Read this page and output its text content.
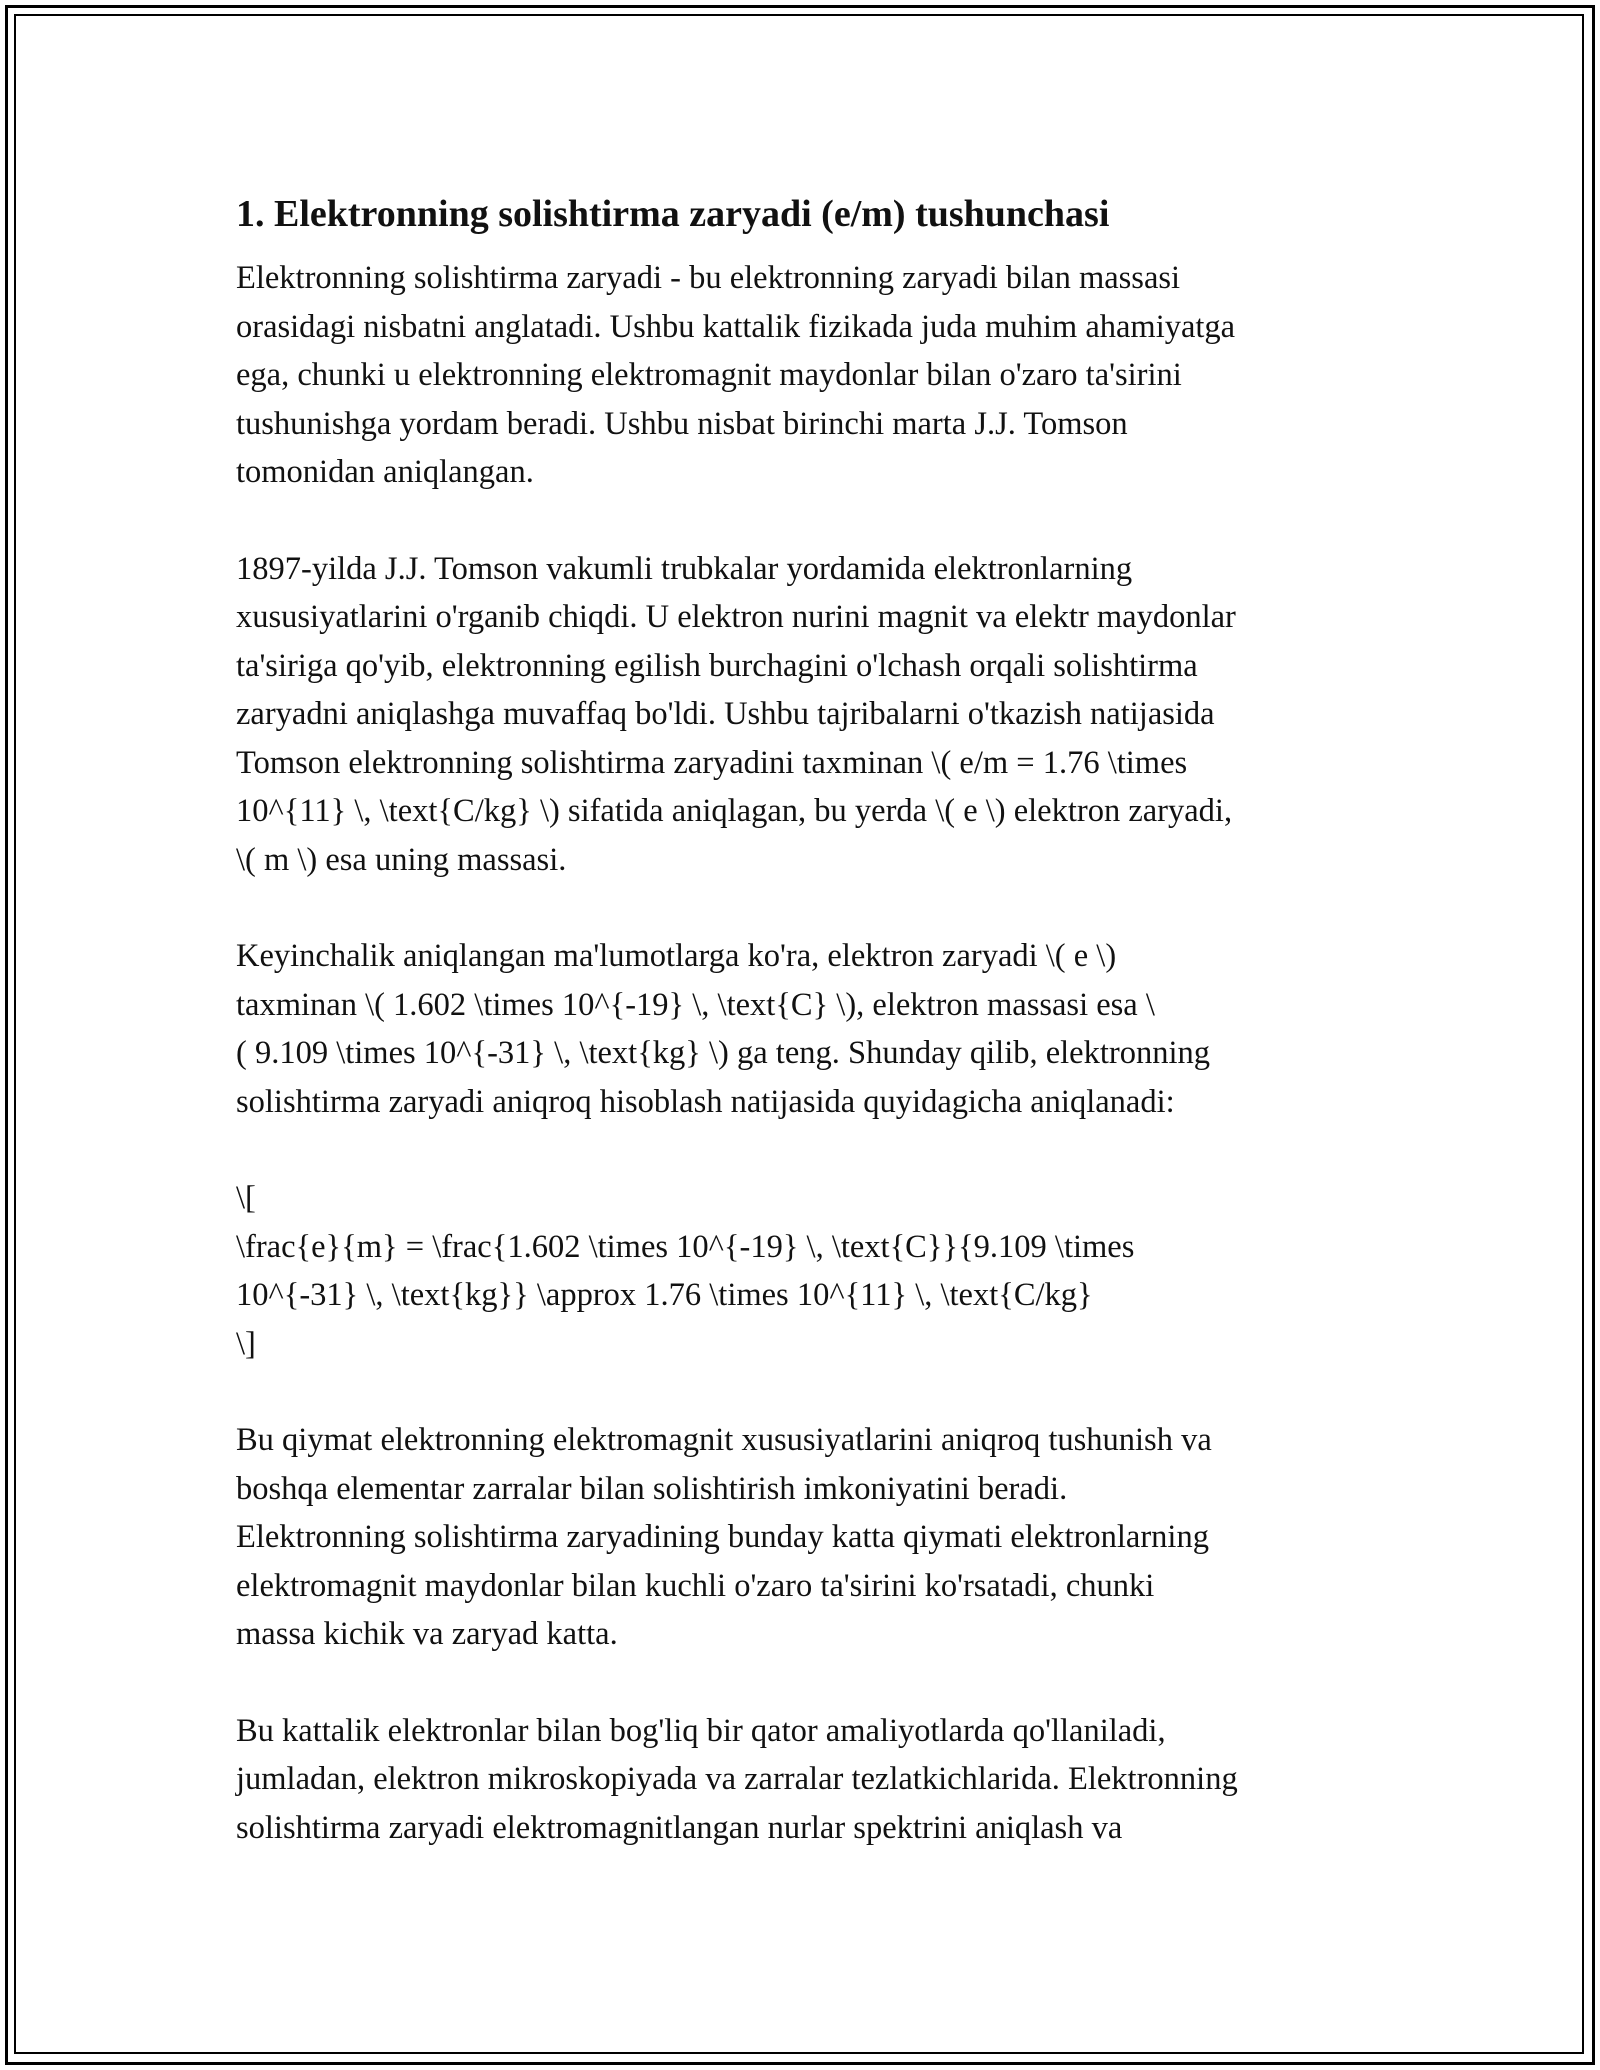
1. Elektronning solishtirma zaryadi (e/m) tushunchasi

Elektronning solishtirma zaryadi - bu elektronning zaryadi bilan massasi
orasidagi nisbatni anglatadi. Ushbu kattalik fizikada juda muhim ahamiyatga
ega, chunki u elektronning elektromagnit maydonlar bilan o'zaro ta'sirini
tushunishga yordam beradi. Ushbu nisbat birinchi marta J.J. Tomson
tomonidan aniqlangan.

1897-yilda J.J. Tomson vakumli trubkalar yordamida elektronlarning
xususiyatlarini o'rganib chiqdi. U elektron nurini magnit va elektr maydonlar
ta'siriga qo'yib, elektronning egilish burchagini o'lchash orqali solishtirma
zaryadni aniqlashga muvaffaq bo'ldi. Ushbu tajribalarni o'tkazish natijasida
Tomson elektronning solishtirma zaryadini taxminan \( e/m = 1.76 \times
10^{11} \, \text{C/kg} \) sifatida aniqlagan, bu yerda \( e \) elektron zaryadi,
\( m \) esa uning massasi.

Keyinchalik aniqlangan ma'lumotlarga ko'ra, elektron zaryadi \( e \)
taxminan \( 1.602 \times 10^{-19} \, \text{C} \), elektron massasi esa \
( 9.109 \times 10^{-31} \, \text{kg} \) ga teng. Shunday qilib, elektronning
solishtirma zaryadi aniqroq hisoblash natijasida quyidagicha aniqlanadi:

\[
\frac{e}{m} = \frac{1.602 \times 10^{-19} \, \text{C}}{9.109 \times
10^{-31} \, \text{kg}} \approx 1.76 \times 10^{11} \, \text{C/kg}
\]

Bu qiymat elektronning elektromagnit xususiyatlarini aniqroq tushunish va
boshqa elementar zarralar bilan solishtirish imkoniyatini beradi.
Elektronning solishtirma zaryadining bunday katta qiymati elektronlarning
elektromagnit maydonlar bilan kuchli o'zaro ta'sirini ko'rsatadi, chunki
massa kichik va zaryad katta.

Bu kattalik elektronlar bilan bog'liq bir qator amaliyotlarda qo'llaniladi,
jumladan, elektron mikroskopiyada va zarralar tezlatkichlarida. Elektronning
solishtirma zaryadi elektromagnitlangan nurlar spektrini aniqlash va
